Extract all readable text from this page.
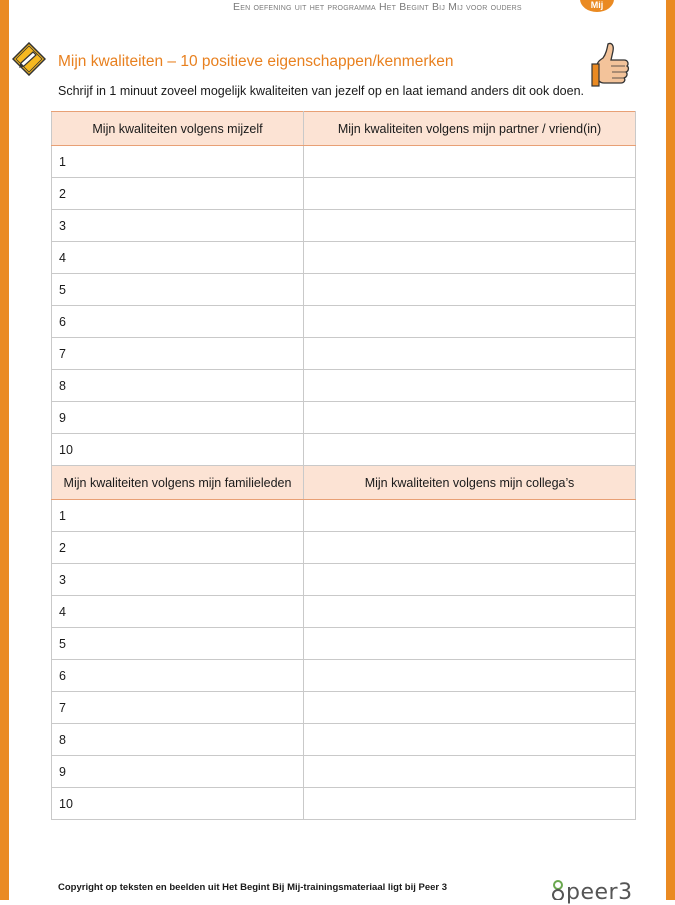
Een oefening uit het programma Het Begint Bij Mij voor ouders	Mij
Mijn kwaliteiten – 10 positieve eigenschappen/kenmerken
Schrijf in 1 minuut zoveel mogelijk kwaliteiten van jezelf op en laat iemand anders dit ook doen.
Mijn kwaliteiten volgens mijzelf	Mijn kwaliteiten volgens mijn partner / vriend(in)
1	
2	
3	
4	
5	
6	
7	
8	
9	
10	
Mijn kwaliteiten volgens mijn familieleden	Mijn kwaliteiten volgens mijn collega’s
1	
2	
3	
4	
5	
6	
7	
8	
9	
10	
Copyright op teksten en beelden uit Het Begint Bij Mij-trainingsmateriaal ligt bij Peer 3	peer3
